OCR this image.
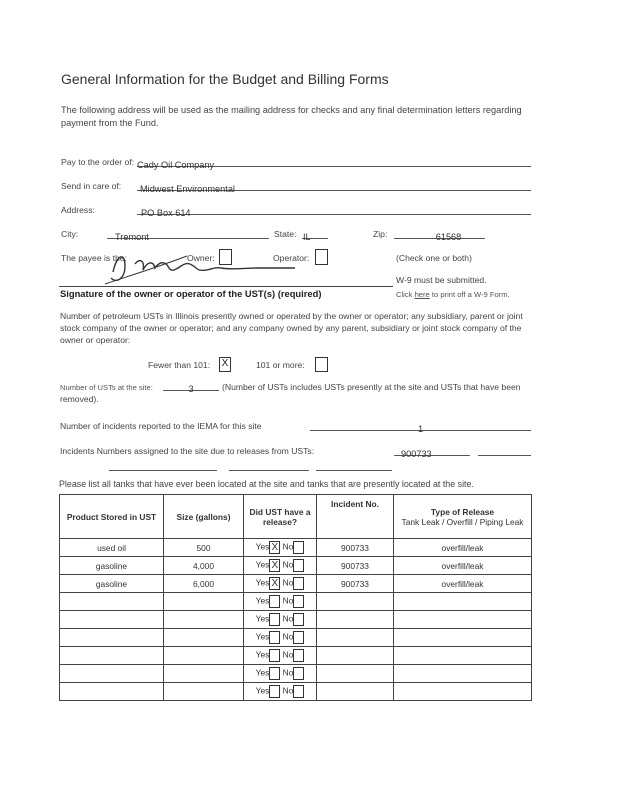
General Information for the Budget and Billing Forms
The following address will be used as the mailing address for checks and any final determination letters regarding payment from the Fund.
Pay to the order of: Cady Oil Company
Send in care of:	Midwest Environmental
Address:	PO Box 614
City:	Tremont	State: IL	Zip:	61568
The payee is the:	Owner:	Operator:	(Check one or both)
W-9 must be submitted.
Click here to print off a W-9 Form.
Signature of the owner or operator of the UST(s) (required)
Number of petroleum USTs in Illinois presently owned or operated by the owner or operator; any subsidiary, parent or joint stock company of the owner or operator; and any company owned by any parent, subsidiary or joint stock company of the owner or operator:
Fewer than 101: X	101 or more:
Number of USTs at the site:	3	(Number of USTs includes USTs presently at the site and USTs that have been removed).
Number of incidents reported to the IEMA for this site	1
Incidents Numbers assigned to the site due to releases from USTs:	900733
Please list all tanks that have ever been located at the site and tanks that are presently located at the site.
Product Stored in UST	Size (gallons)	Did UST have a release?	Incident No.	Type of Release
Tank Leak / Overfill / Piping Leak

used oil	500	Yes X No	900733	overfill/leak
gasoline	4,000	Yes X No	900733	overfill/leak
gasoline	6,000	Yes X No	900733	overfill/leak
		Yes No		
		Yes No		
		Yes No		
		Yes No		
		Yes No		
		Yes No		
